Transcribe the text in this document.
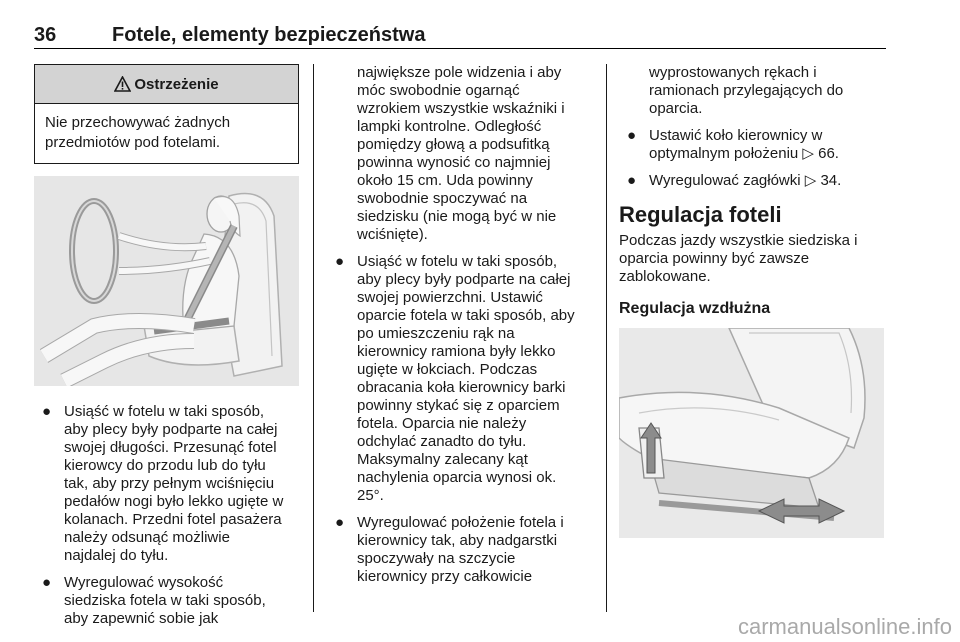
36	Fotele, elementy bezpieczeństwa
Ostrzeżenie
Nie przechowywać żadnych
przedmiotów pod fotelami.
● Usiąść w fotelu w taki sposób,
aby plecy były podparte na całej
swojej długości. Przesunąć fotel
kierowcy do przodu lub do tyłu
tak, aby przy pełnym wciśnięciu
pedałów nogi było lekko ugięte w
kolanach. Przedni fotel pasażera
należy odsunąć możliwie
najdalej do tyłu.
● Wyregulować wysokość
siedziska fotela w taki sposób,
aby zapewnić sobie jak
największe pole widzenia i aby
móc swobodnie ogarnąć
wzrokiem wszystkie wskaźniki i
lampki kontrolne. Odległość
pomiędzy głową a podsufitką
powinna wynosić co najmniej
około 15 cm. Uda powinny
swobodnie spoczywać na
siedzisku (nie mogą być w nie
wciśnięte).
● Usiąść w fotelu w taki sposób,
aby plecy były podparte na całej
swojej powierzchni. Ustawić
oparcie fotela w taki sposób, aby
po umieszczeniu rąk na
kierownicy ramiona były lekko
ugięte w łokciach. Podczas
obracania koła kierownicy barki
powinny stykać się z oparciem
fotela. Oparcia nie należy
odchylać zanadto do tyłu.
Maksymalny zalecany kąt
nachylenia oparcia wynosi ok.
25°.
● Wyregulować położenie fotela i
kierownicy tak, aby nadgarstki
spoczywały na szczycie
kierownicy przy całkowicie
wyprostowanych rękach i
ramionach przylegających do
oparcia.
● Ustawić koło kierownicy w
optymalnym położeniu ▷ 66.
● Wyregulować zagłówki ▷ 34.
Regulacja foteli
Podczas jazdy wszystkie siedziska i
oparcia powinny być zawsze
zablokowane.
Regulacja wzdłużna
carmanualsonline.info
